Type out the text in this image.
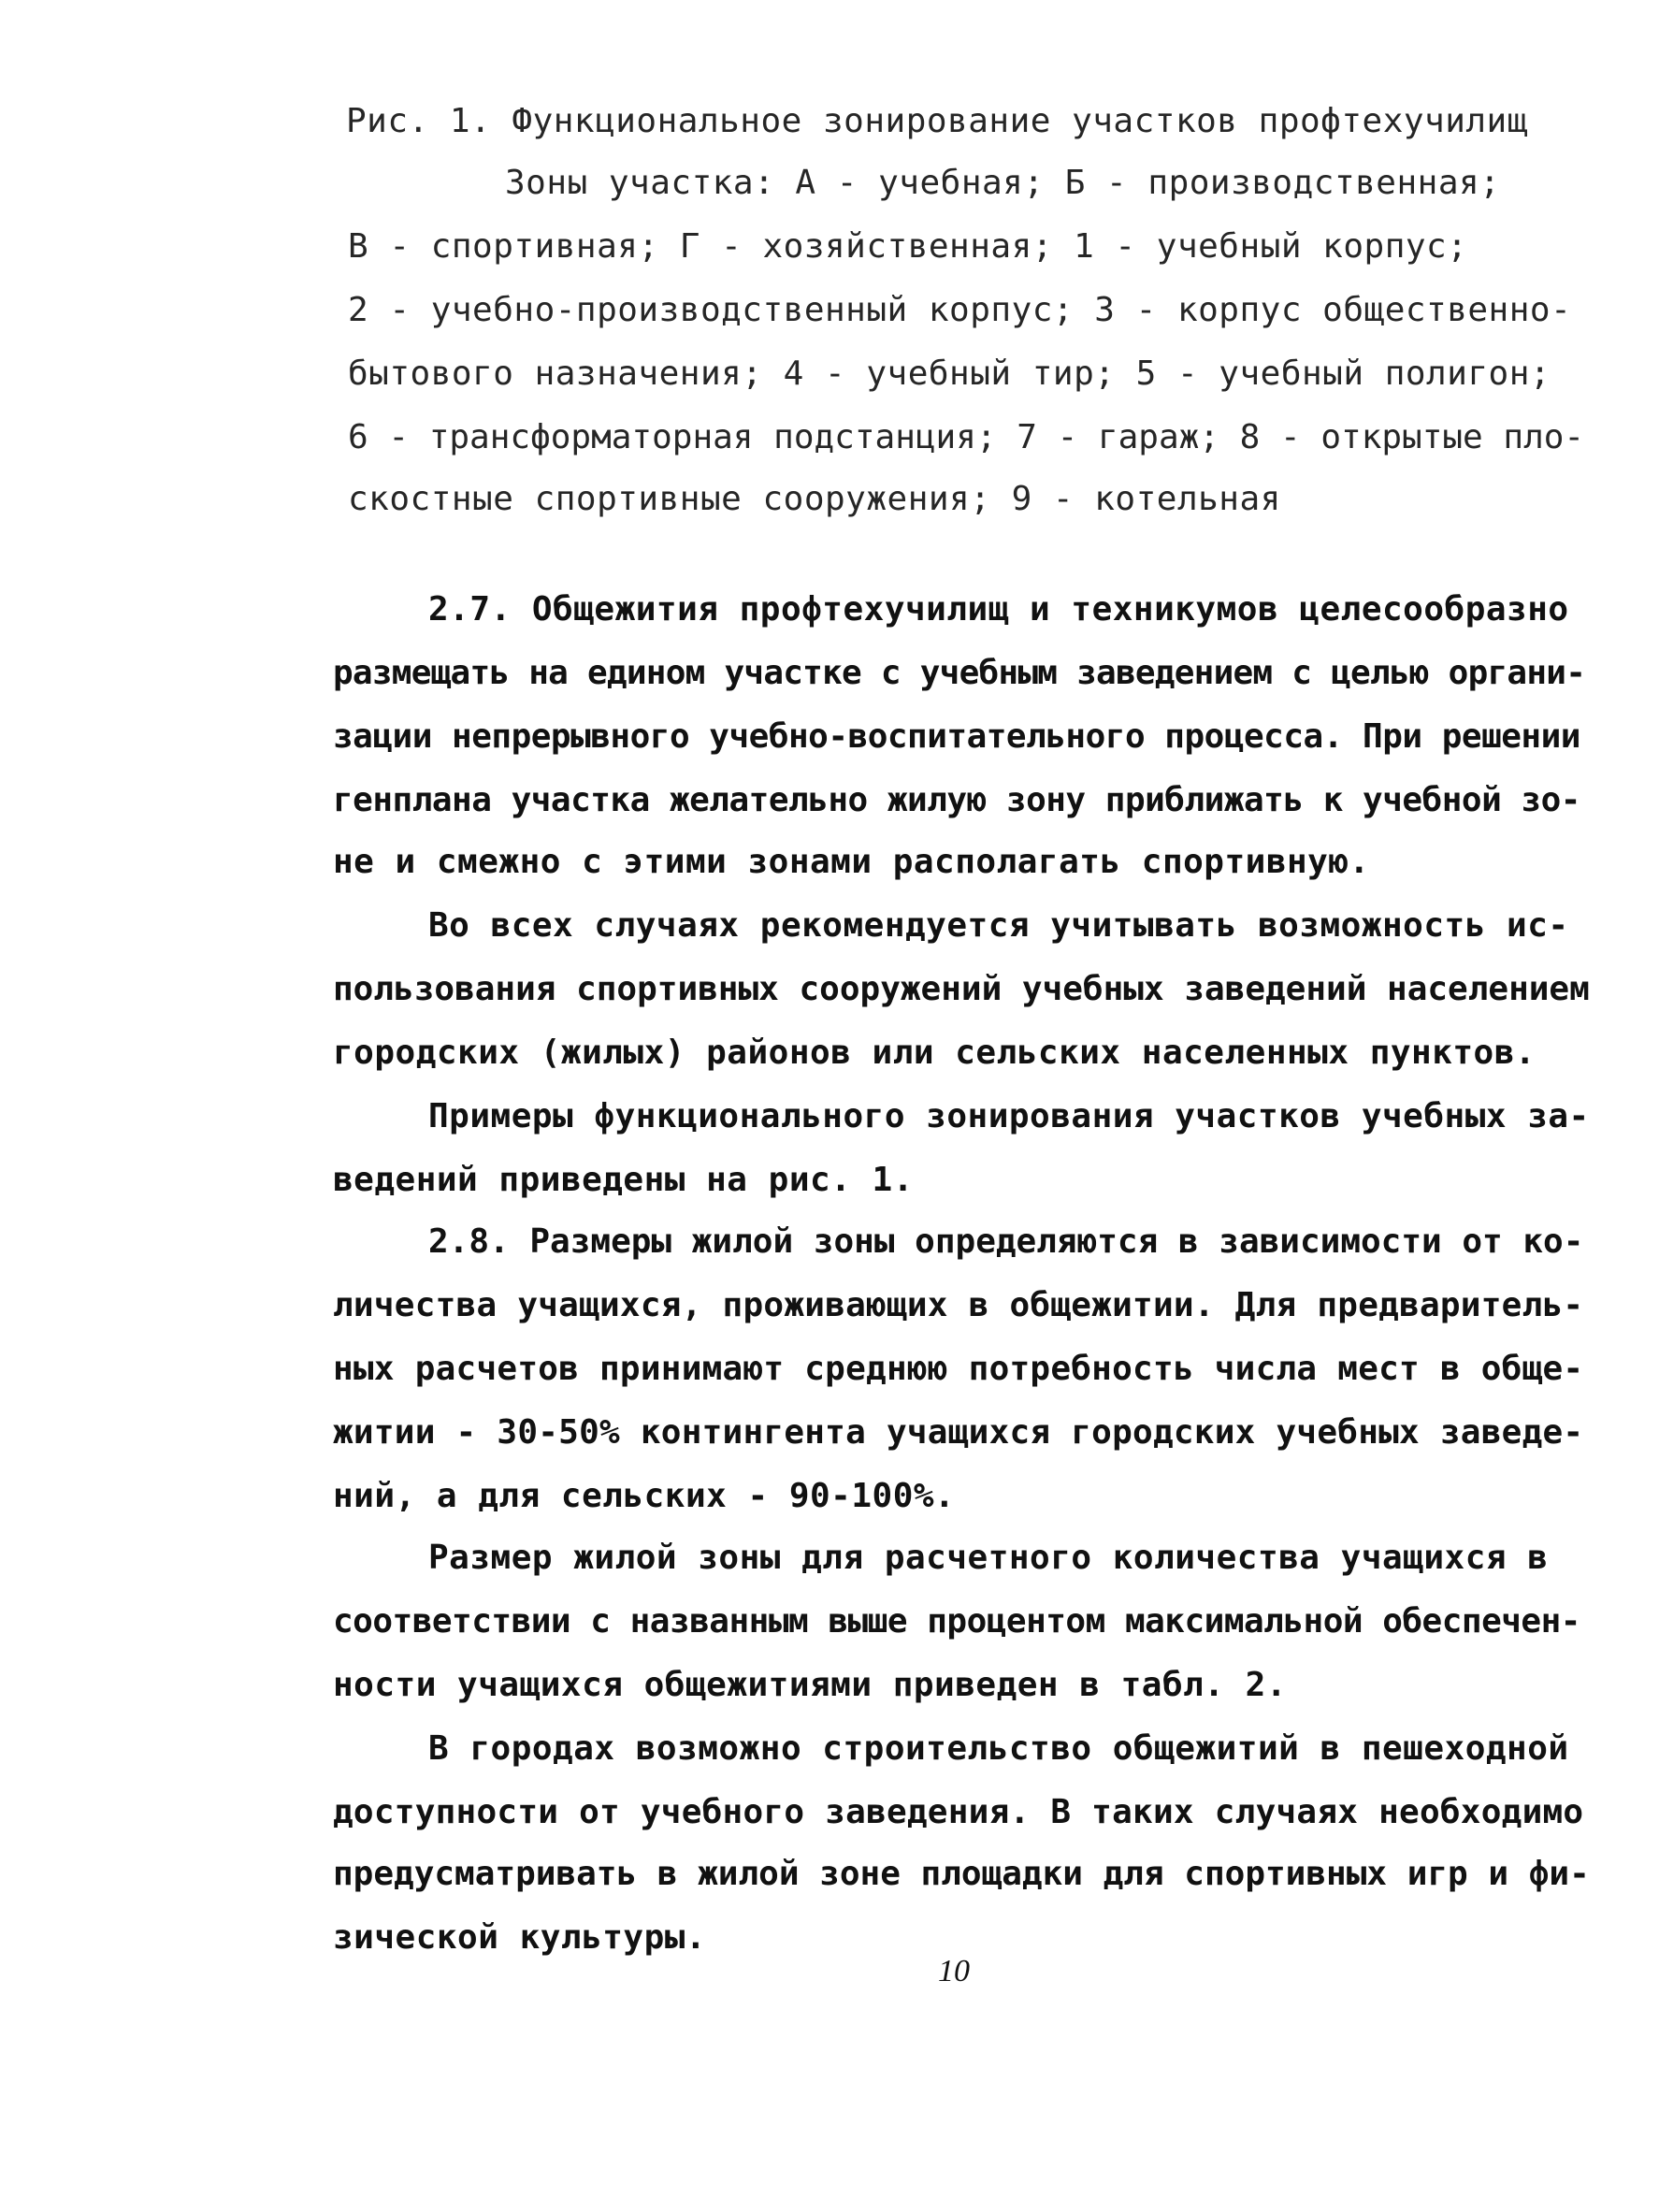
Рис. 1. Функциональное зонирование участков профтехучилищ
Зоны участка: А - учебная; Б - производственная;
В - спортивная; Г - хозяйственная; 1 - учебный корпус;
2 - учебно-производственный корпус; 3 - корпус общественно-
бытового назначения; 4 - учебный тир; 5 - учебный полигон;
6 - трансформаторная подстанция; 7 - гараж; 8 - открытые пло-
скостные спортивные сооружения; 9 - котельная
2.7. Общежития профтехучилищ и техникумов целесообразно
размещать на едином участке с учебным заведением с целью органи-
зации непрерывного учебно-воспитательного процесса. При решении
генплана участка желательно жилую зону приближать к учебной зо-
не и смежно с этими зонами располагать спортивную.
Во всех случаях рекомендуется учитывать возможность ис-
пользования спортивных сооружений учебных заведений населением
городских (жилых) районов или сельских населенных пунктов.
Примеры функционального зонирования участков учебных за-
ведений приведены на рис. 1.
2.8. Размеры жилой зоны определяются в зависимости от ко-
личества учащихся, проживающих в общежитии. Для предваритель-
ных расчетов принимают среднюю потребность числа мест в обще-
житии - 30-50% контингента учащихся городских учебных заведе-
ний, а для сельских - 90-100%.
Размер жилой зоны для расчетного количества учащихся в
соответствии с названным выше процентом максимальной обеспечен-
ности учащихся общежитиями приведен в табл. 2.
В городах возможно строительство общежитий в пешеходной
доступности от учебного заведения. В таких случаях необходимо
предусматривать в жилой зоне площадки для спортивных игр и фи-
зической культуры.
10
